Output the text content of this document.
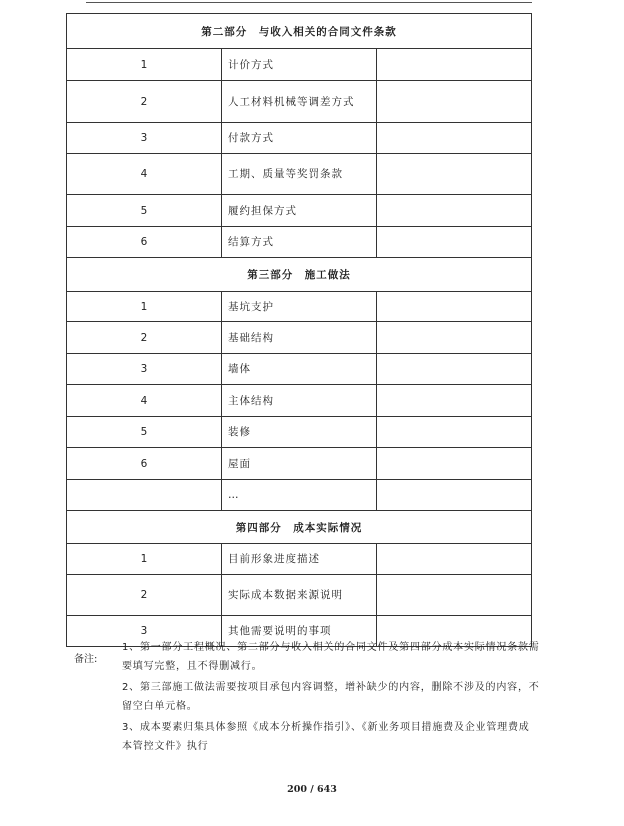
第二部分　与收入相关的合同文件条款		
1	计价方式	
2	人工材料机械等调差方式	
3	付款方式	
4	工期、质量等奖罚条款	
5	履约担保方式	
6	结算方式	
第三部分　施工做法		
1	基坑支护	
2	基础结构	
3	墙体	
4	主体结构	
5	装修	
6	屋面	
	…	
第四部分　成本实际情况		
1	目前形象进度描述	
2	实际成本数据来源说明	
3	其他需要说明的事项	
备注:

1、第一部分工程概况、第二部分与收入相关的合同文件及第四部分成本实际情况条款需要填写完整，且不得删减行。

2、第三部施工做法需要按项目承包内容调整，增补缺少的内容，删除不涉及的内容，不留空白单元格。

3、成本要素归集具体参照《成本分析操作指引》、《新业务项目措施费及企业管理费成本管控文件》执行

200 / 643
